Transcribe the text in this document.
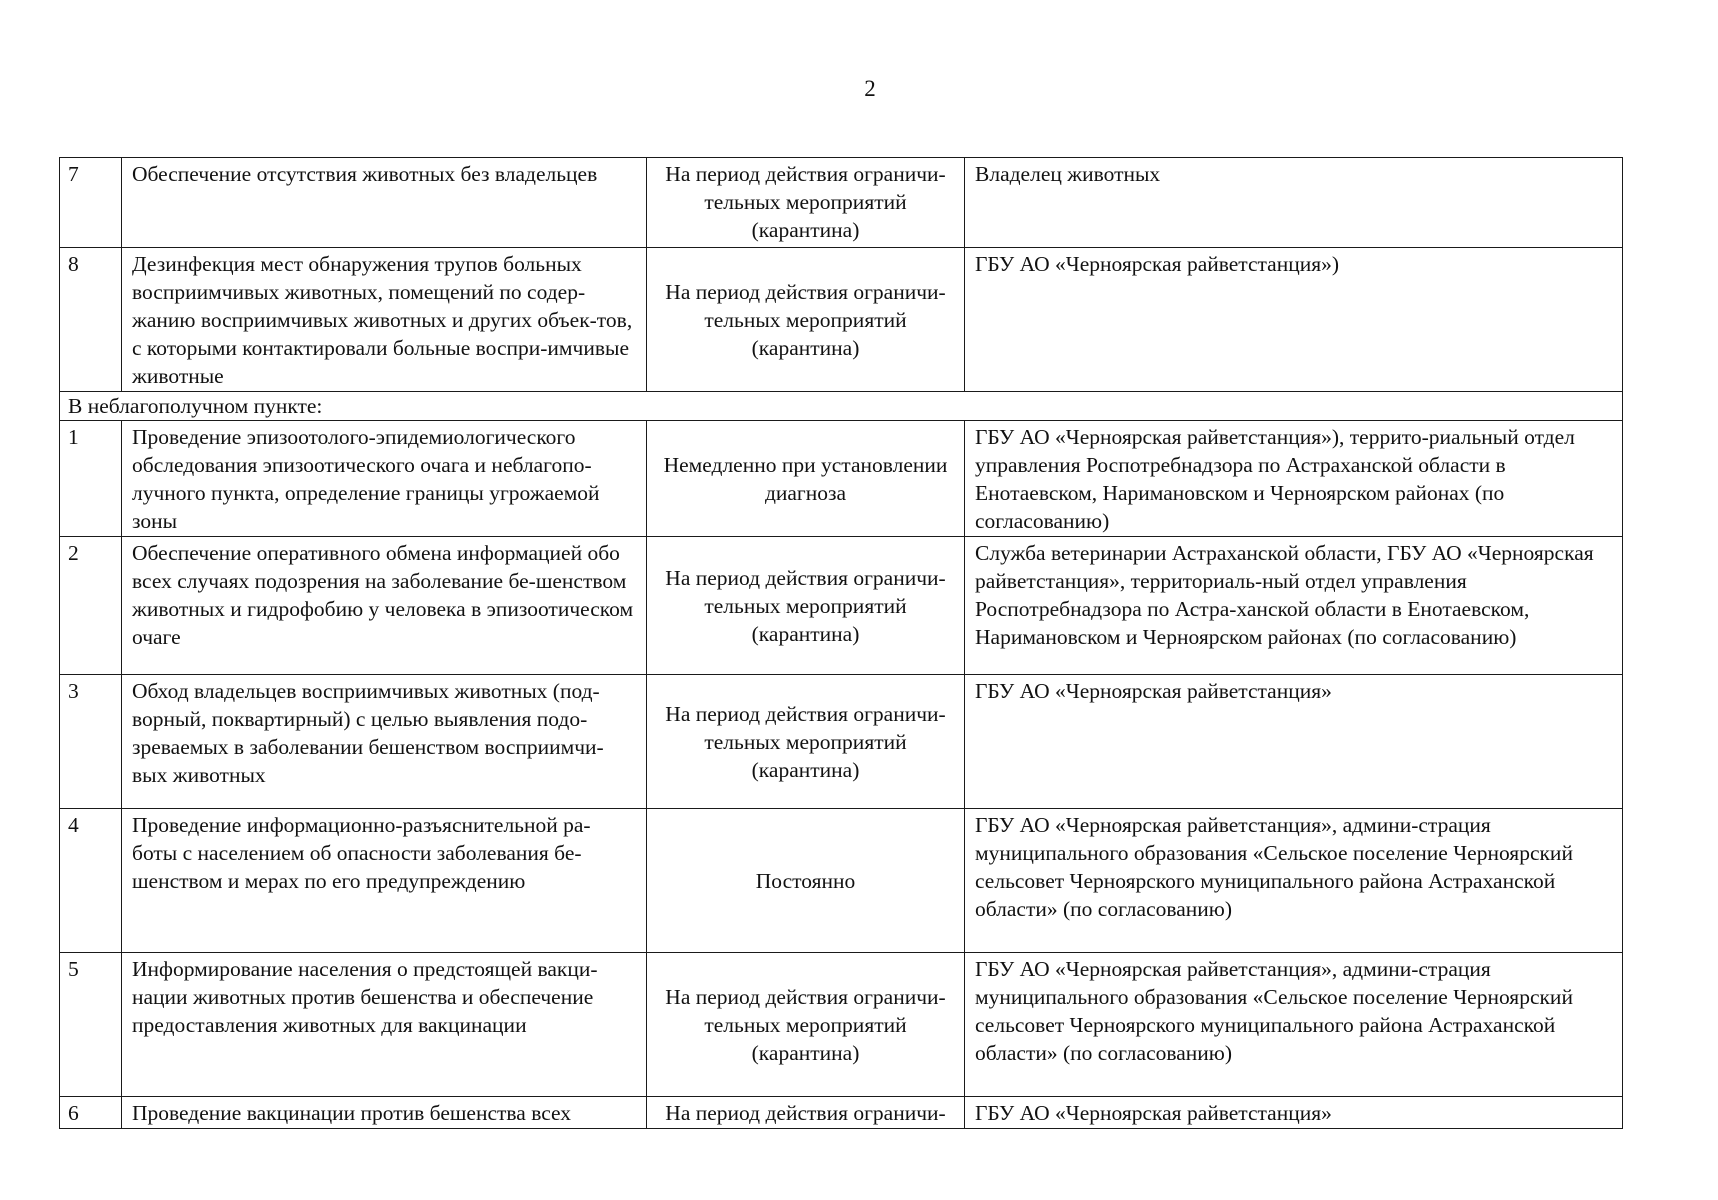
2
7	Обеспечение отсутствия животных без владельцев	На период действия ограничи-тельных мероприятий (карантина)	Владелец животных
8	Дезинфекция мест обнаружения трупов больных восприимчивых животных, помещений по содер-жанию восприимчивых животных и других объек-тов, с которыми контактировали больные воспри-имчивые животные	На период действия ограничи-тельных мероприятий (карантина)	ГБУ АО «Черноярская райветстанция»)
В неблагополучном пункте:			
1	Проведение эпизоотолого-эпидемиологического обследования эпизоотического очага и неблагопо-лучного пункта, определение границы угрожаемой зоны	Немедленно при установлении диагноза	ГБУ АО «Черноярская райветстанция»), террито-риальный отдел управления Роспотребнадзора по Астраханской области в Енотаевском, Наримановском и Черноярском районах (по согласованию)
2	Обеспечение оперативного обмена информацией обо всех случаях подозрения на заболевание бе-шенством животных и гидрофобию у человека в эпизоотическом очаге	На период действия ограничи-тельных мероприятий (карантина)	Служба ветеринарии Астраханской области, ГБУ АО «Черноярская райветстанция», территориаль-ный отдел управления Роспотребнадзора по Астра-ханской области в Енотаевском, Наримановском и Черноярском районах (по согласованию)
3	Обход владельцев восприимчивых животных (под-ворный, поквартирный) с целью выявления подо-зреваемых в заболевании бешенством восприимчи-вых животных	На период действия ограничи-тельных мероприятий (карантина)	ГБУ АО «Черноярская райветстанция»
4	Проведение информационно-разъяснительной ра-боты с населением об опасности заболевания бе-шенством и мерах по его предупреждению	Постоянно	ГБУ АО «Черноярская райветстанция», админи-страция муниципального образования «Сельское поселение Черноярский сельсовет Черноярского муниципального района Астраханской области» (по согласованию)
5	Информирование населения о предстоящей вакци-нации животных против бешенства и обеспечение предоставления животных для вакцинации	На период действия ограничи-тельных мероприятий (карантина)	ГБУ АО «Черноярская райветстанция», админи-страция муниципального образования «Сельское поселение Черноярский сельсовет Черноярского муниципального района Астраханской области» (по согласованию)
6	Проведение вакцинации против бешенства всех	На период действия ограничи-	ГБУ АО «Черноярская райветстанция»
